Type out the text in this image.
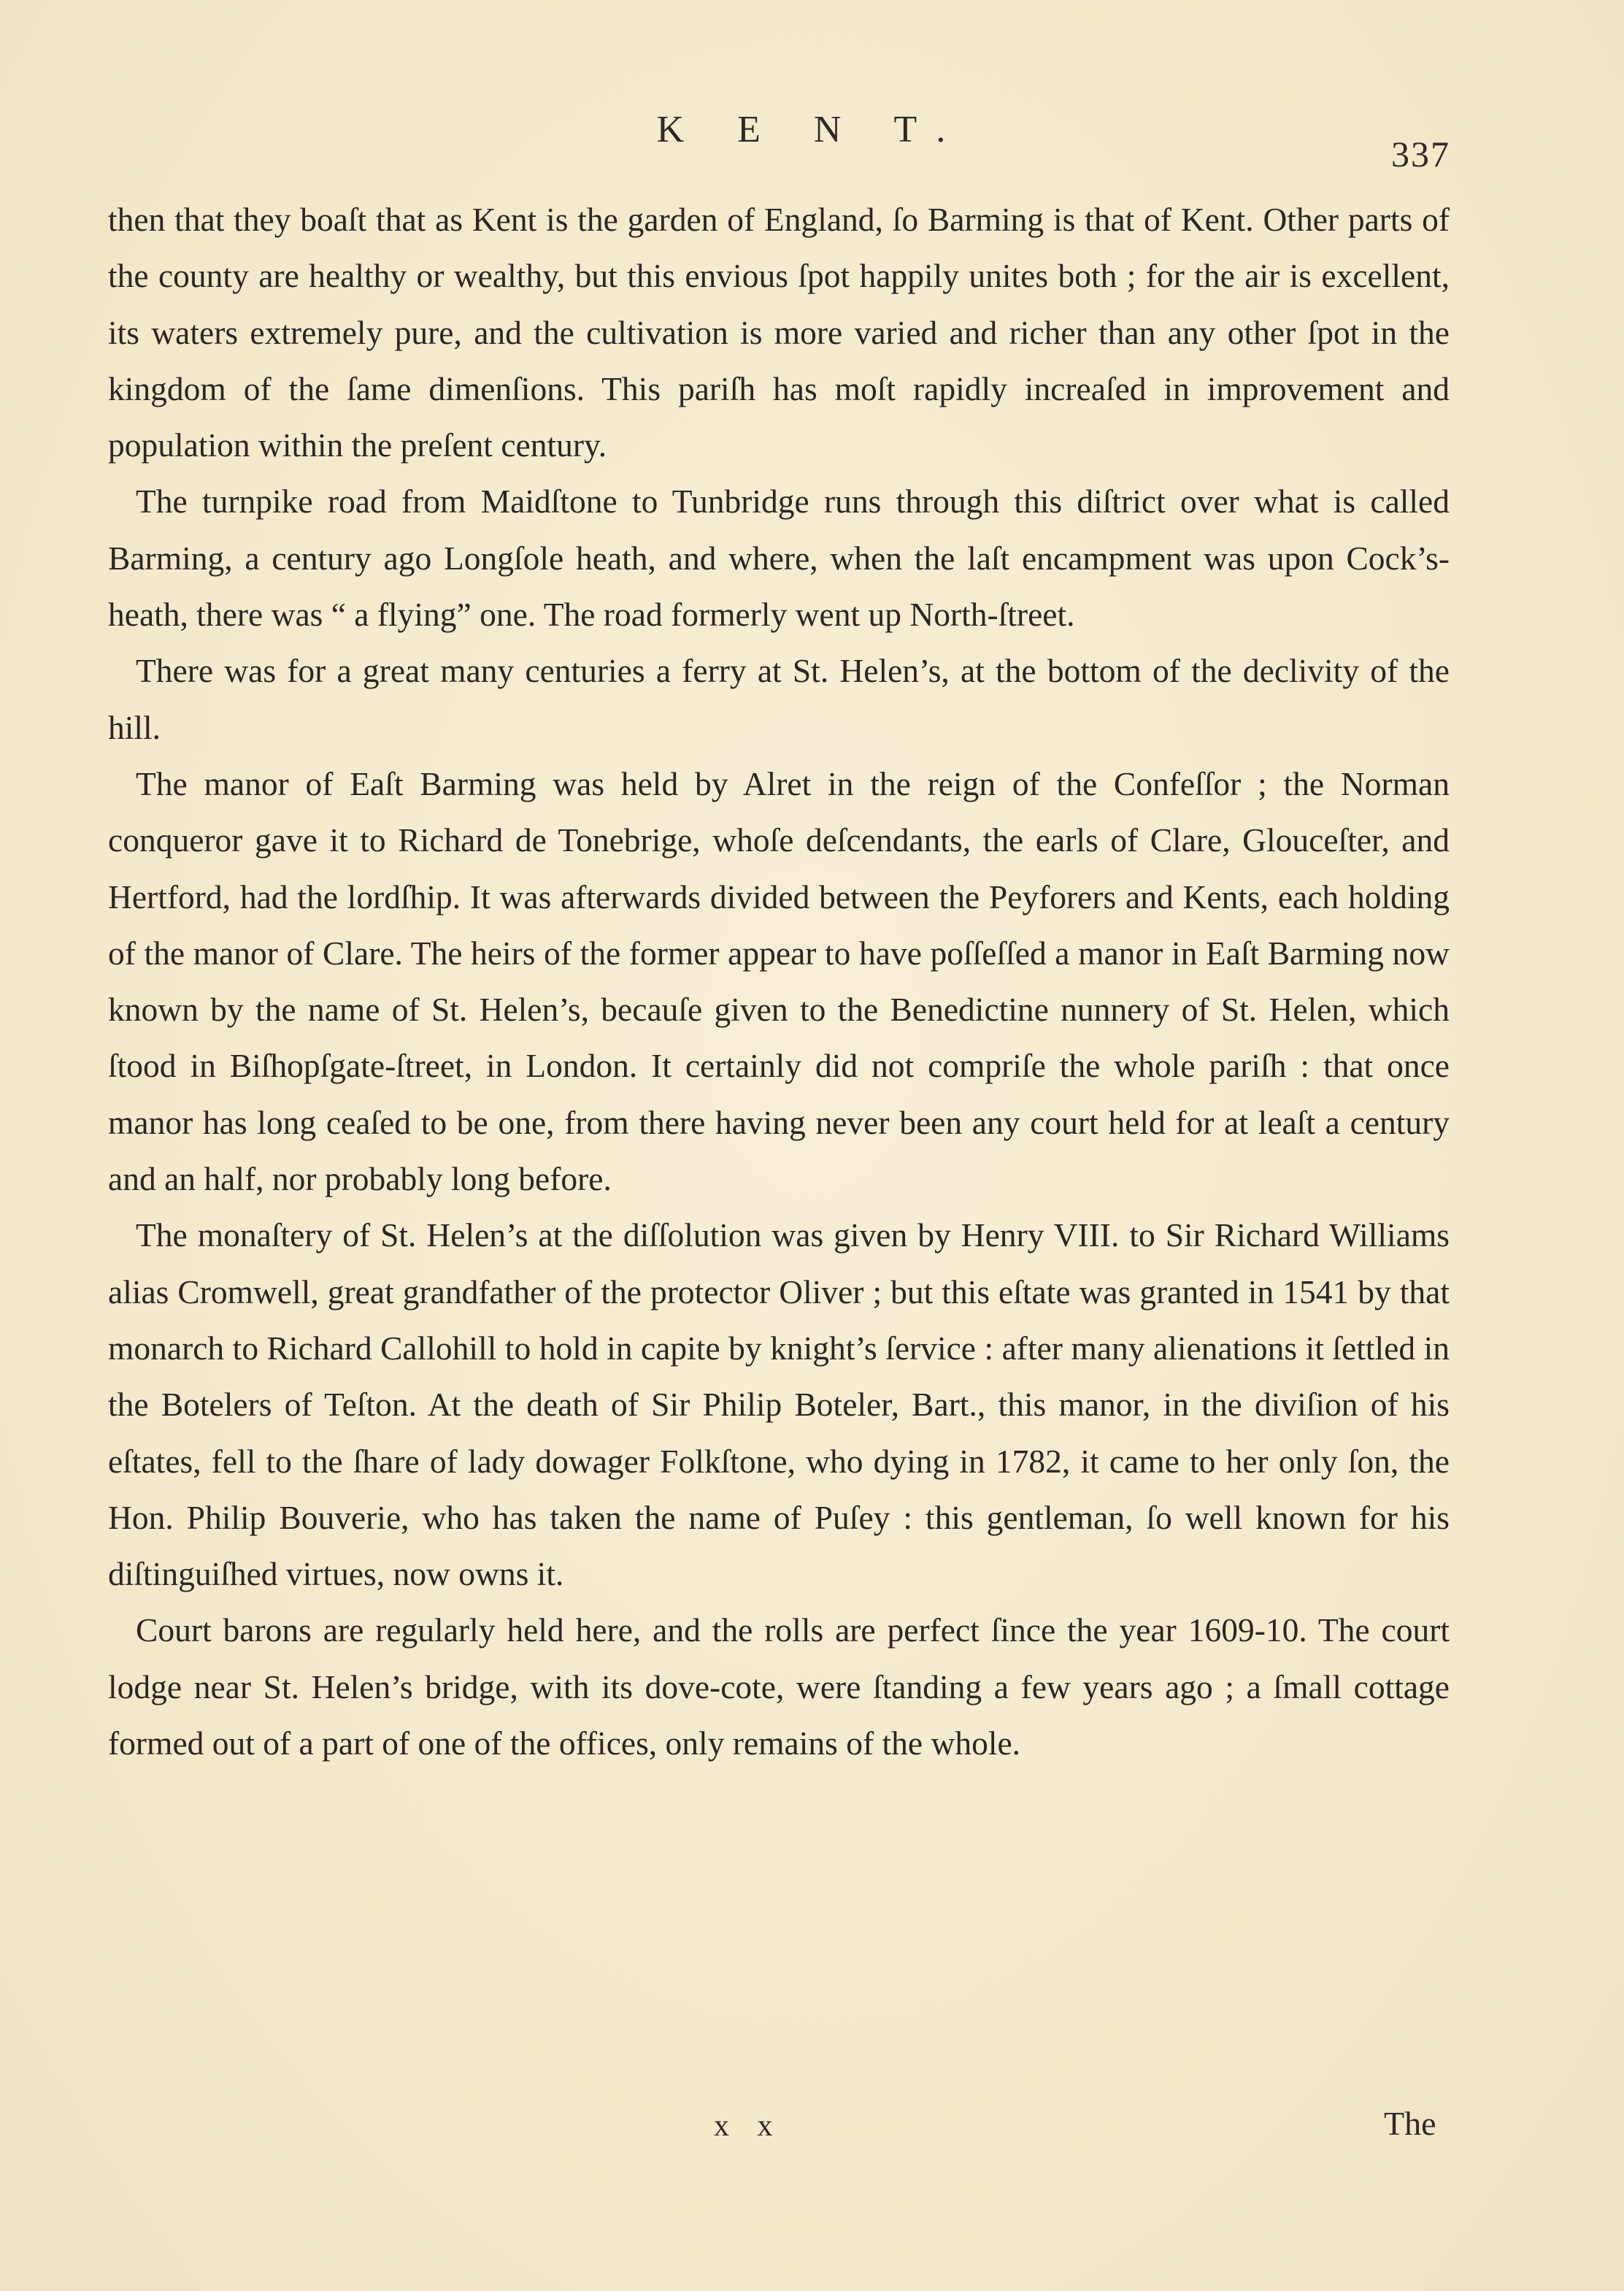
K E N T.
337

then that they boaſt that as Kent is the garden of England, ſo Barming is that of Kent. Other parts of the county are healthy or wealthy, but this envious ſpot happily unites both ; for the air is excellent, its waters extremely pure, and the cultivation is more varied and richer than any other ſpot in the kingdom of the ſame dimenſions. This pariſh has moſt rapidly increaſed in improvement and population within the preſent century.

The turnpike road from Maidſtone to Tunbridge runs through this diſtrict over what is called Barming, a century ago Longſole heath, and where, when the laſt encampment was upon Cock’s-heath, there was “ a flying” one. The road formerly went up North-ſtreet.

There was for a great many centuries a ferry at St. Helen’s, at the bottom of the declivity of the hill.

The manor of Eaſt Barming was held by Alret in the reign of the Confeſſor ; the Norman conqueror gave it to Richard de Tonebrige, whoſe deſcendants, the earls of Clare, Glouceſter, and Hertford, had the lordſhip. It was afterwards divided between the Peyforers and Kents, each holding of the manor of Clare. The heirs of the former appear to have poſſeſſed a manor in Eaſt Barming now known by the name of St. Helen’s, becauſe given to the Benedictine nunnery of St. Helen, which ſtood in Biſhopſgate-ſtreet, in London. It certainly did not compriſe the whole pariſh : that once manor has long ceaſed to be one, from there having never been any court held for at leaſt a century and an half, nor probably long before.

The monaſtery of St. Helen’s at the diſſolution was given by Henry VIII. to Sir Richard Williams alias Cromwell, great grandfather of the protector Oliver ; but this eſtate was granted in 1541 by that monarch to Richard Callohill to hold in capite by knight’s ſervice : after many alienations it ſettled in the Botelers of Teſton. At the death of Sir Philip Boteler, Bart., this manor, in the diviſion of his eſtates, fell to the ſhare of lady dowager Folkſtone, who dying in 1782, it came to her only ſon, the Hon. Philip Bouverie, who has taken the name of Puſey : this gentleman, ſo well known for his diſtinguiſhed virtues, now owns it.

Court barons are regularly held here, and the rolls are perfect ſince the year 1609-10. The court lodge near St. Helen’s bridge, with its dove-cote, were ſtanding a few years ago ; a ſmall cottage formed out of a part of one of the offices, only remains of the whole.

x x	The
